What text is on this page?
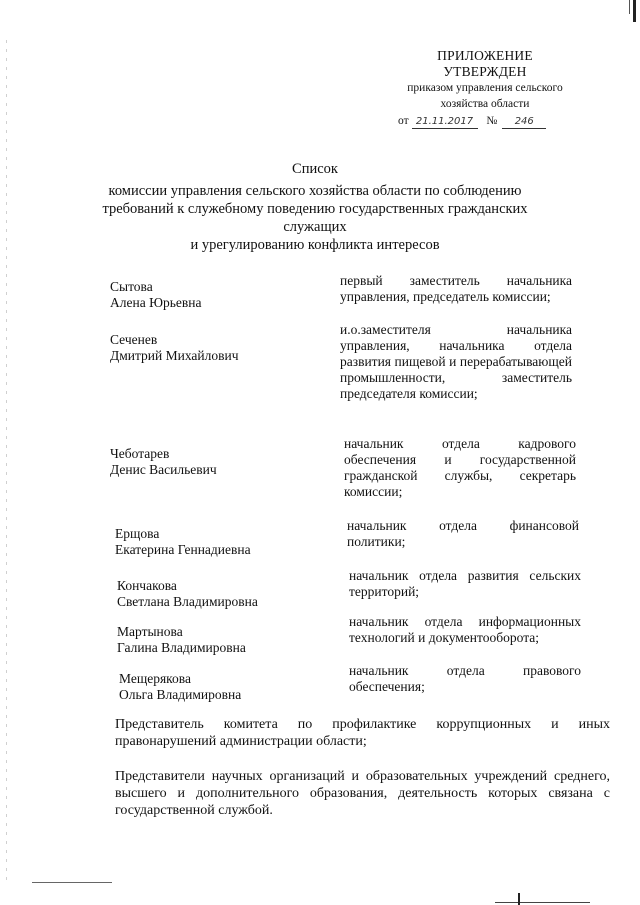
ПРИЛОЖЕНИЕ
УТВЕРЖДЕН
приказом управления сельского
хозяйства области
от 21.11.2017 № 246
Список
комиссии управления сельского хозяйства области по соблюдению
требований к служебному поведению государственных гражданских служащих
и урегулированию конфликта интересов
Сытова
Алена Юрьевна
первый заместитель начальника управления, председатель комиссии;
Сеченев
Дмитрий Михайлович
и.о.заместителя начальника управления, начальника отдела развития пищевой и перерабатывающей промышленности, заместитель председателя комиссии;
Чеботарев
Денис Васильевич
начальник отдела кадрового обеспечения и государственной гражданской службы, секретарь комиссии;
Ерщова
Екатерина Геннадиевна
начальник отдела финансовой политики;
Кончакова
Светлана Владимировна
начальник отдела развития сельских территорий;
Мартынова
Галина Владимировна
начальник отдела информационных технологий и документооборота;
Мещерякова
Ольга Владимировна
начальник отдела правового обеспечения;
Представитель комитета по профилактике коррупционных и иных правонарушений администрации области;
Представители научных организаций и образовательных учреждений среднего, высшего и дополнительного образования, деятельность которых связана с государственной службой.
